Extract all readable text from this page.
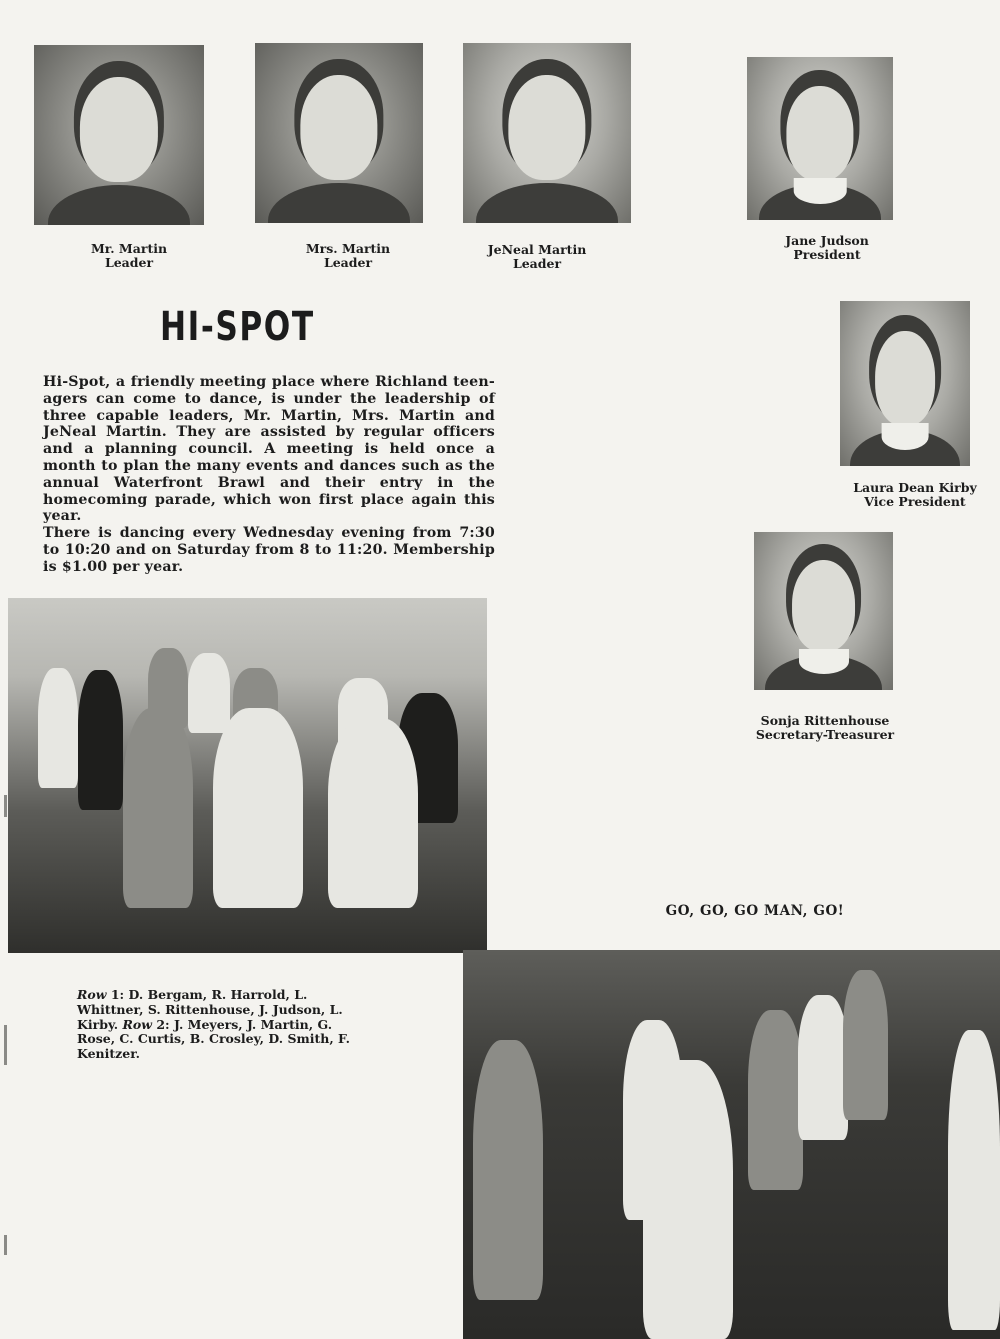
Mr. Martin
Leader
Mrs. Martin
Leader
JeNeal Martin
Leader
Jane Judson
President
Laura Dean Kirby
Vice President
Sonja Rittenhouse
Secretary-Treasurer
HI-SPOT

Hi-Spot, a friendly meeting place where Richland teen-agers can come to dance, is under the leadership of three capable leaders, Mr. Martin, Mrs. Martin and JeNeal Martin. They are assisted by regular officers and a planning council. A meeting is held once a month to plan the many events and dances such as the annual Waterfront Brawl and their entry in the homecoming parade, which won first place again this year.

There is dancing every Wednesday evening from 7:30 to 10:20 and on Saturday from 8 to 11:20. Membership is $1.00 per year.

GO, GO, GO MAN, GO!
Row 1: D. Bergam, R. Harrold, L. Whittner, S. Rittenhouse, J. Judson, L. Kirby. Row 2: J. Meyers, J. Martin, G. Rose, C. Curtis, B. Crosley, D. Smith, F. Kenitzer.
